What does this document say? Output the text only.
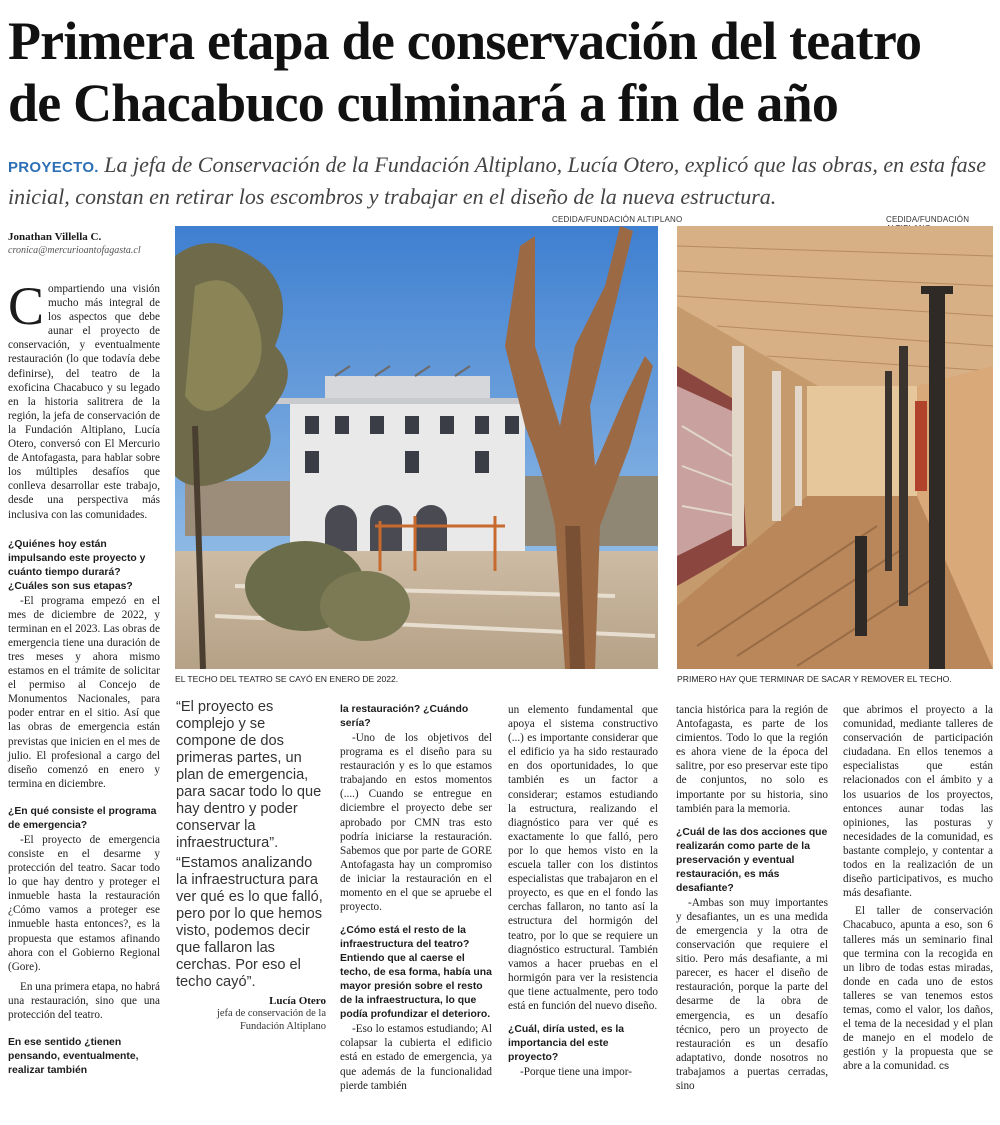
Primera etapa de conservación del teatro
de Chacabuco culminará a fin de año
PROYECTO. La jefa de Conservación de la Fundación Altiplano, Lucía Otero, explicó que las obras, en esta fase inicial, constan en retirar los escombros y trabajar en el diseño de la nueva estructura.
Jonathan Villella C.
cronica@mercurioantofagasta.cl
CEDIDA/FUNDACIÓN ALTIPLANO
EL TECHO DEL TEATRO SE CAYÓ EN ENERO DE 2022.
CEDIDA/FUNDACIÓN
PRIMERO HAY QUE TERMINAR DE SACAR Y REMOVER EL TECHO.

Compartiendo una visión mucho más integral de los aspectos que debe aunar el proyecto de conservación, y eventualmente restauración (lo que todavía debe definirse), del teatro de la exoficina Chacabuco y su legado en la historia salitrera de la región, la jefa de conservación de la Fundación Altiplano, Lucía Otero, conversó con El Mercurio de Antofagasta, para hablar sobre los múltiples desafíos que conlleva desarrollar este trabajo, desde una perspectiva más inclusiva con las comunidades.

¿Quiénes hoy están impulsando este proyecto y cuánto tiempo durará? ¿Cuáles son sus etapas?

-El programa empezó en el mes de diciembre de 2022, y terminan en el 2023. Las obras de emergencia tiene una duración de tres meses y ahora mismo estamos en el trámite de solicitar el permiso al Concejo de Monumentos Nacionales, para poder entrar en el sitio. Así que las obras de emergencia están previstas que inicien en el mes de julio. El profesional a cargo del diseño comenzó en enero y termina en diciembre.

¿En qué consiste el programa de emergencia?

-El proyecto de emergencia consiste en el desarme y protección del teatro. Sacar todo lo que hay dentro y proteger el inmueble hasta la restauración ¿Cómo vamos a proteger ese inmueble hasta entonces?, es la propuesta que estamos afinando ahora con el Gobierno Regional (Gore).

En una primera etapa, no habrá una restauración, sino que una protección del teatro.

En ese sentido ¿tienen pensando, eventualmente, realizar también

“El proyecto es complejo y se compone de dos primeras partes, un plan de emergencia, para sacar todo lo que hay dentro y poder conservar la infraestructura”.
“Estamos analizando la infraestructura para ver qué es lo que falló, pero por lo que hemos visto, podemos decir que fallaron las cerchas. Por eso el techo cayó”.
Lucía Otero
jefa de conservación de la
Fundación Altiplano

la restauración? ¿Cuándo sería?

-Uno de los objetivos del programa es el diseño para su restauración y es lo que estamos trabajando en estos momentos (....) Cuando se entregue en diciembre el proyecto debe ser aprobado por CMN tras esto podría iniciarse la restauración. Sabemos que por parte de GORE Antofagasta hay un compromiso de iniciar la restauración en el momento en el que se apruebe el proyecto.

¿Cómo está el resto de la infraestructura del teatro? Entiendo que al caerse el techo, de esa forma, había una mayor presión sobre el resto de la infraestructura, lo que podía profundizar el deterioro.

-Eso lo estamos estudiando; Al colapsar la cubierta el edificio está en estado de emergencia, ya que además de la funcionalidad pierde también

un elemento fundamental que apoya el sistema constructivo (...) es importante considerar que el edificio ya ha sido restaurado en dos oportunidades, lo que también es un factor a considerar; estamos estudiando la estructura, realizando el diagnóstico para ver qué es exactamente lo que falló, pero por lo que hemos visto en la escuela taller con los distintos especialistas que trabajaron en el proyecto, es que en el fondo las cerchas fallaron, no tanto así la estructura del hormigón del teatro, por lo que se requiere un diagnóstico estructural. También vamos a hacer pruebas en el hormigón para ver la resistencia que tiene actualmente, pero todo está en función del nuevo diseño.

¿Cuál, diría usted, es la importancia del este proyecto?

-Porque tiene una impor-

tancia histórica para la región de Antofagasta, es parte de los cimientos. Todo lo que la región es ahora viene de la época del salitre, por eso preservar este tipo de conjuntos, no solo es importante por su historia, sino también para la memoria.

¿Cuál de las dos acciones que realizarán como parte de la preservación y eventual restauración, es más desafiante?

-Ambas son muy importantes y desafiantes, un es una medida de emergencia y la otra de conservación que requiere el sitio. Pero más desafiante, a mi parecer, es hacer el diseño de restauración, porque la parte del desarme de la obra de emergencia, es un desafío técnico, pero un proyecto de restauración es un desafío adaptativo, donde nosotros no trabajamos a puertas cerradas, sino

que abrimos el proyecto a la comunidad, mediante talleres de conservación de participación ciudadana. En ellos tenemos a especialistas que están relacionados con el ámbito y a los usuarios de los proyectos, entonces aunar todas las opiniones, las posturas y necesidades de la comunidad, es bastante complejo, y contentar a todos en la realización de un diseño participativos, es mucho más desafiante.

El taller de conservación Chacabuco, apunta a eso, son 6 talleres más un seminario final que termina con la recogida en un libro de todas estas miradas, donde en cada uno de estos talleres se van tenemos estos temas, como el valor, los daños, el tema de la necesidad y el plan de manejo en el modelo de gestión y la propuesta que se abre a la comunidad. cs
